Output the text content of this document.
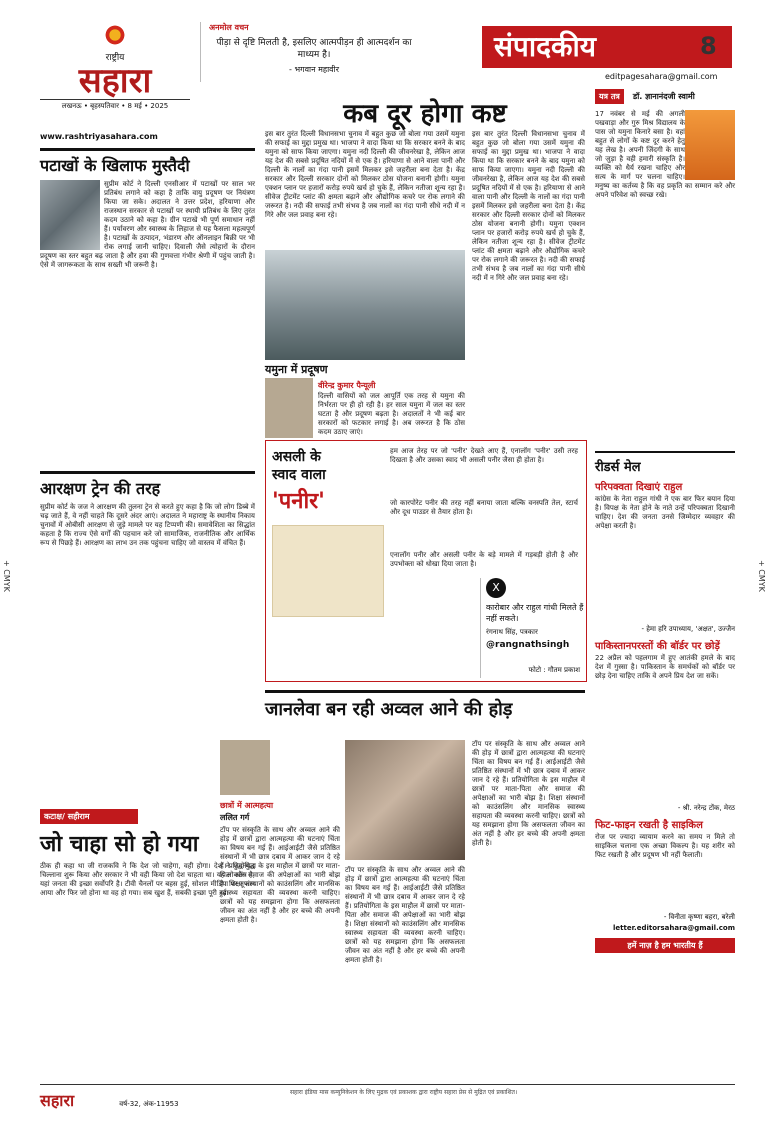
+ CMYK	+ CMYK
राष्ट्रीय
सहारा
लखनऊ • बृहस्पतिवार • 8 मई • 2025
www.rashtriyasahara.com
अनमोल वचन
पीड़ा से दृष्टि मिलती है, इसलिए आत्मपीड़न ही आत्मदर्शन का माध्यम है।
- भगवान महावीर
संपादकीय	8
editpagesahara@gmail.com
पटाखों के खिलाफ मुस्तैदी
सुप्रीम कोर्ट ने दिल्ली एनसीआर में पटाखों पर साल भर प्रतिबंध लगाने को कहा है ताकि वायु प्रदूषण पर नियंत्रण किया जा सके। अदालत ने उत्तर प्रदेश, हरियाणा और राजस्थान सरकार से पटाखों पर स्थायी प्रतिबंध के लिए तुरंत कदम उठाने को कहा है। ग्रीन पटाखे भी पूर्ण समाधान नहीं हैं। पर्यावरण और स्वास्थ्य के लिहाज से यह फैसला महत्वपूर्ण है। पटाखों के उत्पादन, भंडारण और ऑनलाइन बिक्री पर भी रोक लगाई जानी चाहिए। दिवाली जैसे त्योहारों के दौरान प्रदूषण का स्तर बहुत बढ़ जाता है और हवा की गुणवत्ता गंभीर श्रेणी में पहुंच जाती है। ऐसे में जागरूकता के साथ सख्ती भी जरूरी है।
आरक्षण ट्रेन की तरह
सुप्रीम कोर्ट के जज ने आरक्षण की तुलना ट्रेन से करते हुए कहा है कि जो लोग डिब्बे में चढ़ जाते हैं, वे नहीं चाहते कि दूसरे अंदर आएं। अदालत ने महाराष्ट्र के स्थानीय निकाय चुनावों में ओबीसी आरक्षण से जुड़े मामले पर यह टिप्पणी की। समावेशिता का सिद्धांत कहता है कि राज्य ऐसे वर्गों की पहचान करे जो सामाजिक, राजनीतिक और आर्थिक रूप से पिछड़े हैं। आरक्षण का लाभ उन तक पहुंचना चाहिए जो वास्तव में वंचित हैं।
कटाक्ष/ सहीराम
जो चाहा सो हो गया
ठीक ही कहा था जी राजकवि ने कि देश जो चाहेगा, वही होगा। देश ने युद्ध-युद्ध चिल्लाना शुरू किया और सरकार ने भी वही किया जो देश चाहता था। यह लोकतंत्र है, यहां जनता की इच्छा सर्वोपरि है। टीवी चैनलों पर बहस हुई, सोशल मीडिया पर तूफान आया और फिर जो होना था वह हो गया। सब खुश हैं, सबकी इच्छा पूरी हुई।
कब दूर होगा कष्ट
इस बार तुरंत दिल्ली विधानसभा चुनाव में बहुत कुछ जो बोला गया उसमें यमुना की सफाई का मुद्दा प्रमुख था। भाजपा ने वादा किया था कि सरकार बनने के बाद यमुना को साफ किया जाएगा। यमुना नदी दिल्ली की जीवनरेखा है, लेकिन आज यह देश की सबसे प्रदूषित नदियों में से एक है। हरियाणा से आने वाला पानी और दिल्ली के नालों का गंदा पानी इसमें मिलकर इसे जहरीला बना देता है। केंद्र सरकार और दिल्ली सरकार दोनों को मिलकर ठोस योजना बनानी होगी। यमुना एक्शन प्लान पर हजारों करोड़ रुपये खर्च हो चुके हैं, लेकिन नतीजा शून्य रहा है। सीवेज ट्रीटमेंट प्लांट की क्षमता बढ़ाने और औद्योगिक कचरे पर रोक लगाने की जरूरत है। नदी की सफाई तभी संभव है जब नालों का गंदा पानी सीधे नदी में न गिरे और जल प्रवाह बना रहे।
यमुना में प्रदूषण
वीरेन्द्र कुमार पैन्यूली
दिल्ली वासियों को जल आपूर्ति एक तरह से यमुना की निर्भरता पर ही हो रही है। हर साल यमुना में जल का स्तर घटता है और प्रदूषण बढ़ता है। अदालतों ने भी कई बार सरकारों को फटकार लगाई है। अब जरूरत है कि ठोस कदम उठाए जाएं।
इस बार तुरंत दिल्ली विधानसभा चुनाव में बहुत कुछ जो बोला गया उसमें यमुना की सफाई का मुद्दा प्रमुख था। भाजपा ने वादा किया था कि सरकार बनने के बाद यमुना को साफ किया जाएगा। यमुना नदी दिल्ली की जीवनरेखा है, लेकिन आज यह देश की सबसे प्रदूषित नदियों में से एक है। हरियाणा से आने वाला पानी और दिल्ली के नालों का गंदा पानी इसमें मिलकर इसे जहरीला बना देता है। केंद्र सरकार और दिल्ली सरकार दोनों को मिलकर ठोस योजना बनानी होगी। यमुना एक्शन प्लान पर हजारों करोड़ रुपये खर्च हो चुके हैं, लेकिन नतीजा शून्य रहा है। सीवेज ट्रीटमेंट प्लांट की क्षमता बढ़ाने और औद्योगिक कचरे पर रोक लगाने की जरूरत है। नदी की सफाई तभी संभव है जब नालों का गंदा पानी सीधे नदी में न गिरे और जल प्रवाह बना रहे।
असली के
स्वाद वाला
'पनीर'
हम आज तेरह पर जो 'पनीर' देखते आए हैं, एनालॉग 'पनीर' उसी तरह दिखता है और उसका स्वाद भी असली पनीर जैसा ही होता है।
जो कारपोरेट पनीर की तरह नहीं बनाया जाता बल्कि वनस्पति तेल, स्टार्च और दूध पाउडर से तैयार होता है।
एनालॉग पनीर और असली पनीर के बड़े मामले में गड़बड़ी होती है और उपभोक्ता को धोखा दिया जाता है।
फोटो : गौतम प्रकाश
X
कारोबार और राहुल गांधी मिलते हैं नहीं सकते।
रंगनाथ सिंह, पत्रकार
@rangnathsingh
जानलेवा बन रही अव्वल आने की होड़
छात्रों में आत्महत्या
ललित गर्ग
टॉप पर संस्कृति के साथ और अव्वल आने की होड़ में छात्रों द्वारा आत्महत्या की घटनाएं चिंता का विषय बन गई हैं। आईआईटी जैसे प्रतिष्ठित संस्थानों में भी छात्र दबाव में आकर जान दे रहे हैं। प्रतियोगिता के इस माहौल में छात्रों पर माता-पिता और समाज की अपेक्षाओं का भारी बोझ है। शिक्षा संस्थानों को काउंसलिंग और मानसिक स्वास्थ्य सहायता की व्यवस्था करनी चाहिए। छात्रों को यह समझाना होगा कि असफलता जीवन का अंत नहीं है और हर बच्चे की अपनी क्षमता होती है।
टॉप पर संस्कृति के साथ और अव्वल आने की होड़ में छात्रों द्वारा आत्महत्या की घटनाएं चिंता का विषय बन गई हैं। आईआईटी जैसे प्रतिष्ठित संस्थानों में भी छात्र दबाव में आकर जान दे रहे हैं। प्रतियोगिता के इस माहौल में छात्रों पर माता-पिता और समाज की अपेक्षाओं का भारी बोझ है। शिक्षा संस्थानों को काउंसलिंग और मानसिक स्वास्थ्य सहायता की व्यवस्था करनी चाहिए। छात्रों को यह समझाना होगा कि असफलता जीवन का अंत नहीं है और हर बच्चे की अपनी क्षमता होती है।
टॉप पर संस्कृति के साथ और अव्वल आने की होड़ में छात्रों द्वारा आत्महत्या की घटनाएं चिंता का विषय बन गई हैं। आईआईटी जैसे प्रतिष्ठित संस्थानों में भी छात्र दबाव में आकर जान दे रहे हैं। प्रतियोगिता के इस माहौल में छात्रों पर माता-पिता और समाज की अपेक्षाओं का भारी बोझ है। शिक्षा संस्थानों को काउंसलिंग और मानसिक स्वास्थ्य सहायता की व्यवस्था करनी चाहिए। छात्रों को यह समझाना होगा कि असफलता जीवन का अंत नहीं है और हर बच्चे की अपनी क्षमता होती है।
यत्र तत्र डॉ. ज्ञानानंदजी स्वामी
17 नवंबर से मई की अगली पखवाड़ा और गुरु मिश्र विद्यालय के पास जो यमुना किनारे बसा है। वहां बहुत से लोगों के कष्ट दूर करने हेतु यह लेख है। अपनी जिंदगी के साथ जो जुड़ा है वही हमारी संस्कृति है। व्यक्ति को धैर्य रखना चाहिए और सत्य के मार्ग पर चलना चाहिए। मनुष्य का कर्तव्य है कि वह प्रकृति का सम्मान करे और अपने परिवेश को स्वच्छ रखे।
रीडर्स मेल
परिपक्वता दिखाएं राहुल
कांग्रेस के नेता राहुल गांधी ने एक बार फिर बयान दिया है। विपक्ष के नेता होने के नाते उन्हें परिपक्वता दिखानी चाहिए। देश की जनता उनसे जिम्मेदार व्यवहार की अपेक्षा करती है।
- हेमा हरि उपाध्याय, 'अक्षत', उज्जैन
पाकिस्तानपरस्तों की बॉर्डर पर छोड़ें
22 अप्रैल को पहलगाम में हुए आतंकी हमले के बाद देश में गुस्सा है। पाकिस्तान के समर्थकों को बॉर्डर पर छोड़ देना चाहिए ताकि वे अपने प्रिय देश जा सकें।
- श्री. नरेन्द्र टोंक, मेरठ
फिट-फाइन रखती है साइकिल
रोज पर ज्यादा व्यायाम करने का समय न मिले तो साइकिल चलाना एक अच्छा विकल्प है। यह शरीर को फिट रखती है और प्रदूषण भी नहीं फैलाती।
- विनीता कृष्णा बहरा, बरेली
letter.editorsahara@gmail.com
हमें नाज़ है हम भारतीय हैं
सहारा	वर्ष-32, अंक-11953
सहारा इंडिया मास कम्युनिकेशन के लिए मुद्रक एवं प्रकाशक द्वारा राष्ट्रीय सहारा प्रेस से मुद्रित एवं प्रकाशित।
